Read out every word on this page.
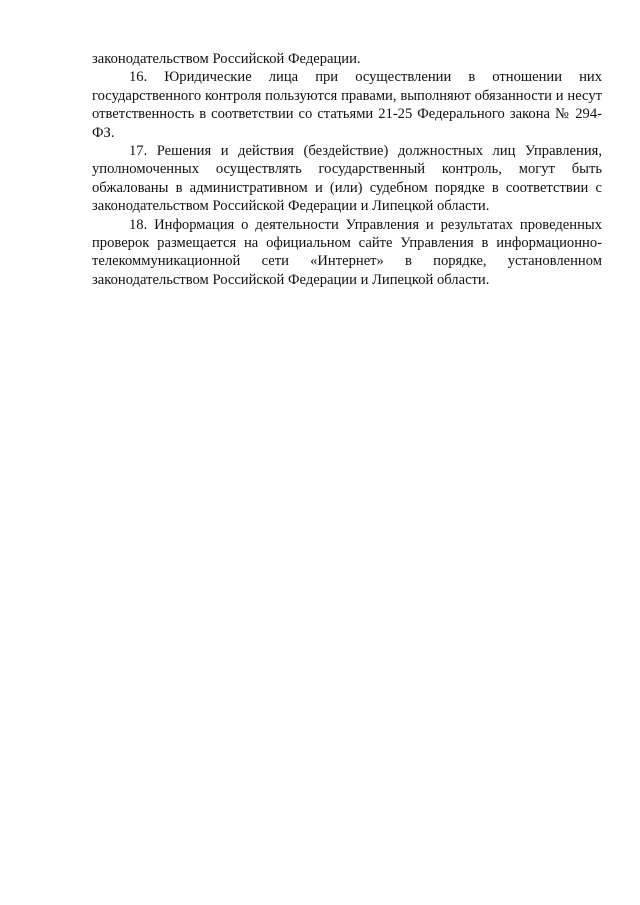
законодательством Российской Федерации.

16. Юридические лица при осуществлении в отношении них государственного контроля пользуются правами, выполняют обязанности и несут ответственность в соответствии со статьями 21-25 Федерального закона № 294-ФЗ.

17. Решения и действия (бездействие) должностных лиц Управления, уполномоченных осуществлять государственный контроль, могут быть обжалованы в административном и (или) судебном порядке в соответствии с законодательством Российской Федерации и Липецкой области.

18. Информация о деятельности Управления и результатах проведенных проверок размещается на официальном сайте Управления в информационно-телекоммуникационной сети «Интернет» в порядке, установленном законодательством Российской Федерации и Липецкой области.
